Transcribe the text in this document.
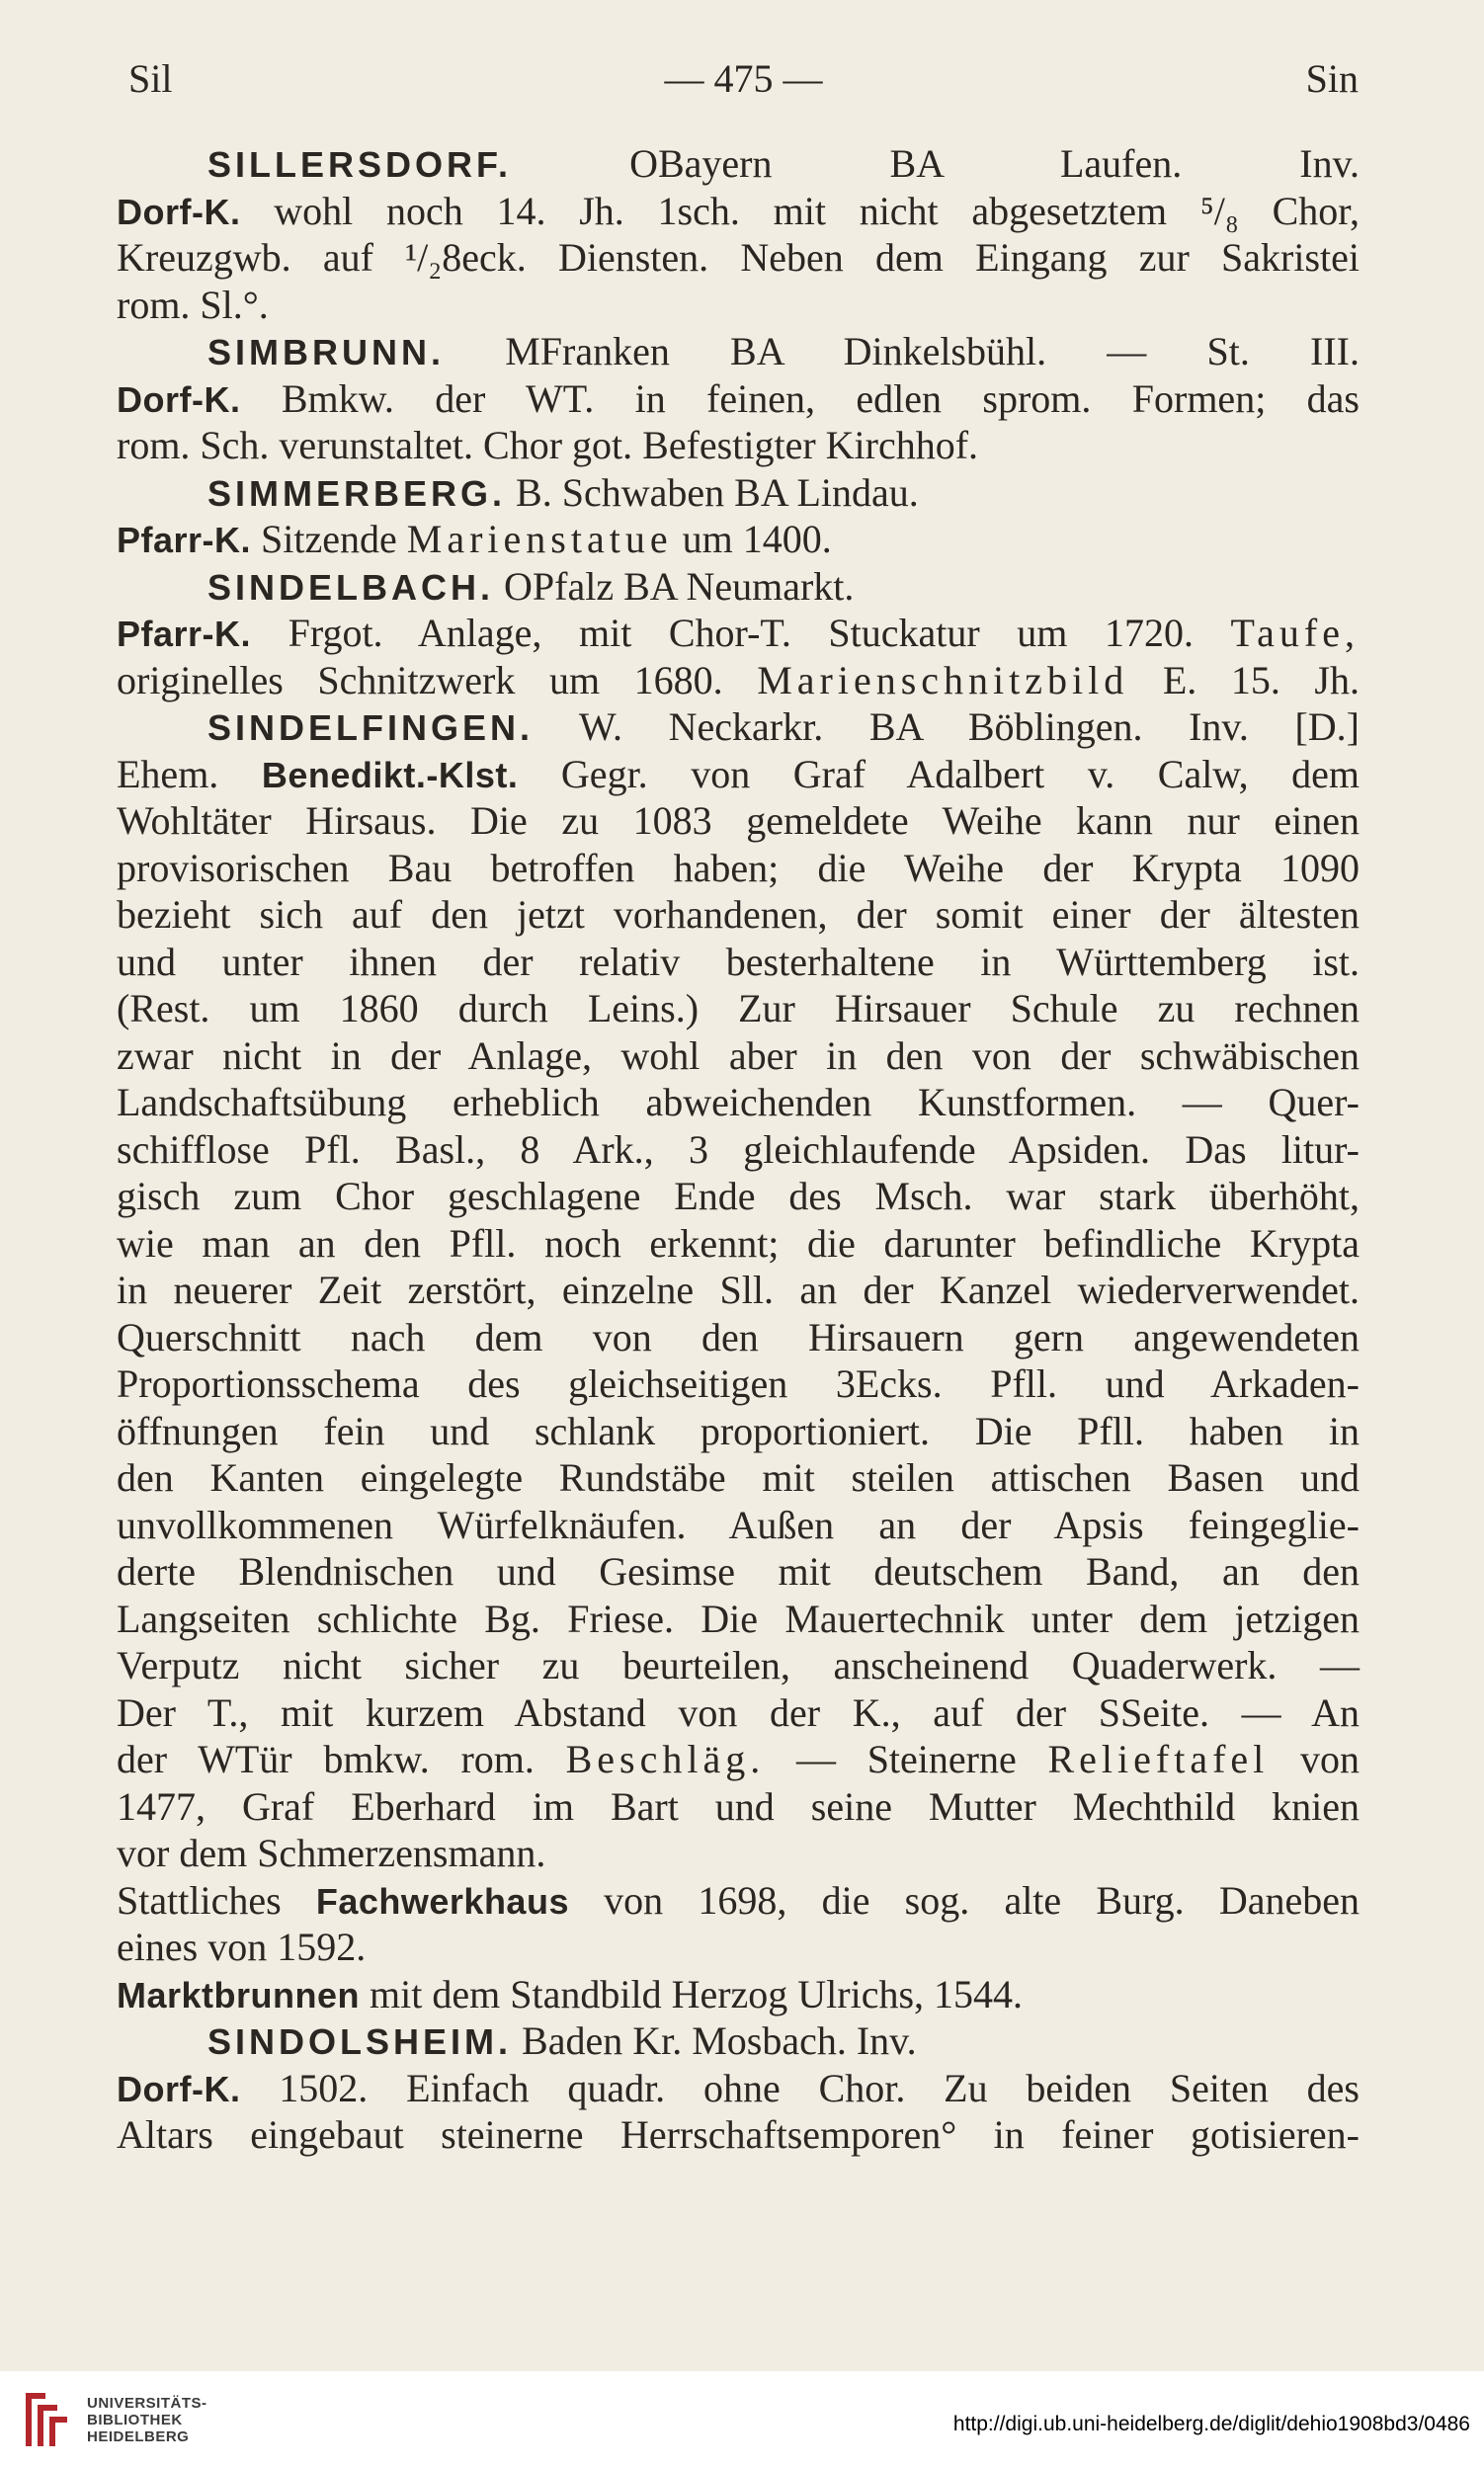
Sil	— 475 —	Sin
SILLERSDORF. OBayern BA Laufen. Inv.
Dorf-K. wohl noch 14. Jh. 1sch. mit nicht abgesetztem ⁵/₈ Chor,
Kreuzgwb. auf ¹/₂8eck. Diensten. Neben dem Eingang zur Sakristei
rom. Sl.°.
SIMBRUNN. MFranken BA Dinkelsbühl. — St. III.
Dorf-K. Bmkw. der WT. in feinen, edlen sprom. Formen; das
rom. Sch. verunstaltet. Chor got. Befestigter Kirchhof.
SIMMERBERG. B. Schwaben BA Lindau.
Pfarr-K. Sitzende Marienstatue um 1400.
SINDELBACH. OPfalz BA Neumarkt.
Pfarr-K. Frgot. Anlage, mit Chor-T. Stuckatur um 1720. Taufe,
originelles Schnitzwerk um 1680. Marienschnitzbild E. 15. Jh.
SINDELFINGEN. W. Neckarkr. BA Böblingen. Inv. [D.]
Ehem. Benedikt.-Klst. Gegr. von Graf Adalbert v. Calw, dem
Wohltäter Hirsaus. Die zu 1083 gemeldete Weihe kann nur einen
provisorischen Bau betroffen haben; die Weihe der Krypta 1090
bezieht sich auf den jetzt vorhandenen, der somit einer der ältesten
und unter ihnen der relativ besterhaltene in Württemberg ist.
(Rest. um 1860 durch Leins.) Zur Hirsauer Schule zu rechnen
zwar nicht in der Anlage, wohl aber in den von der schwäbischen
Landschaftsübung erheblich abweichenden Kunstformen. — Quer-
schifflose Pfl. Basl., 8 Ark., 3 gleichlaufende Apsiden. Das litur-
gisch zum Chor geschlagene Ende des Msch. war stark überhöht,
wie man an den Pfll. noch erkennt; die darunter befindliche Krypta
in neuerer Zeit zerstört, einzelne Sll. an der Kanzel wiederverwendet.
Querschnitt nach dem von den Hirsauern gern angewendeten
Proportionsschema des gleichseitigen 3Ecks. Pfll. und Arkaden-
öffnungen fein und schlank proportioniert. Die Pfll. haben in
den Kanten eingelegte Rundstäbe mit steilen attischen Basen und
unvollkommenen Würfelknäufen. Außen an der Apsis feingeglie-
derte Blendnischen und Gesimse mit deutschem Band, an den
Langseiten schlichte Bg. Friese. Die Mauertechnik unter dem jetzigen
Verputz nicht sicher zu beurteilen, anscheinend Quaderwerk. —
Der T., mit kurzem Abstand von der K., auf der SSeite. — An
der WTür bmkw. rom. Beschläg. — Steinerne Relieftafel von
1477, Graf Eberhard im Bart und seine Mutter Mechthild knien
vor dem Schmerzensmann.
Stattliches Fachwerkhaus von 1698, die sog. alte Burg. Daneben
eines von 1592.
Marktbrunnen mit dem Standbild Herzog Ulrichs, 1544.
SINDOLSHEIM. Baden Kr. Mosbach. Inv.
Dorf-K. 1502. Einfach quadr. ohne Chor. Zu beiden Seiten des
Altars eingebaut steinerne Herrschaftsemporen° in feiner gotisieren-
UNIVERSITÄTS-
BIBLIOTHEK
HEIDELBERG
http://digi.ub.uni-heidelberg.de/diglit/dehio1908bd3/0486
